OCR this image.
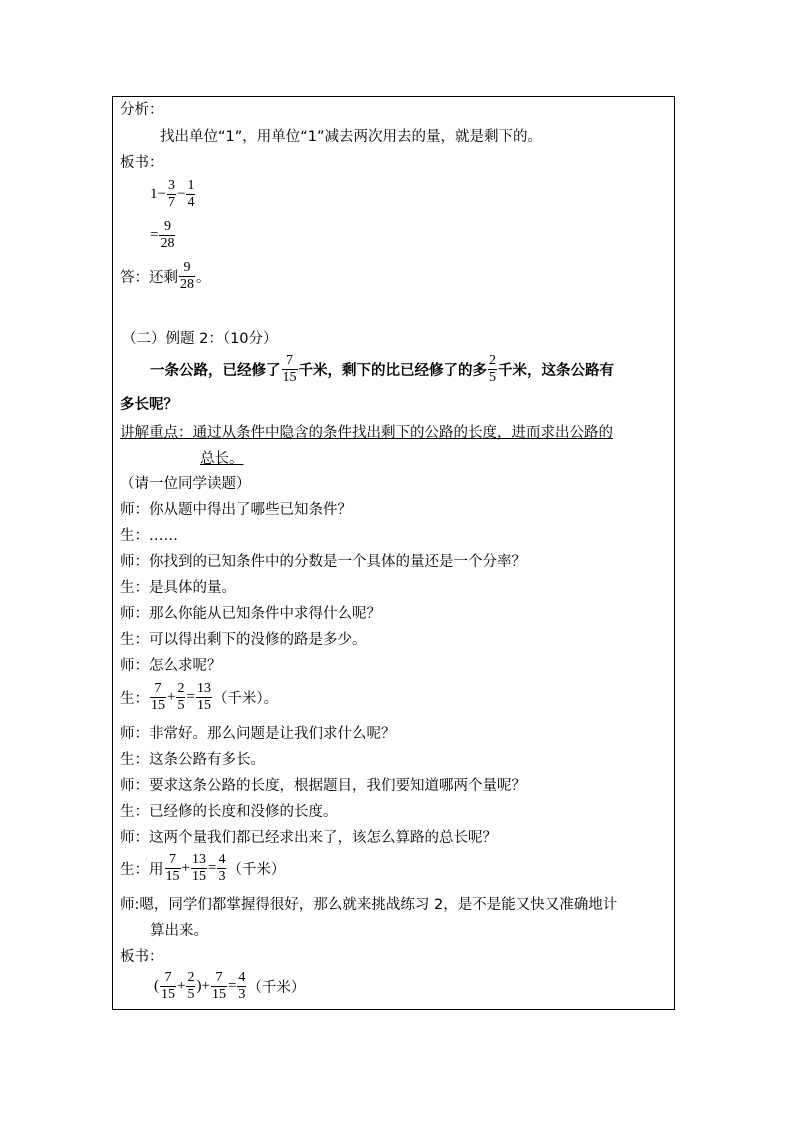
分析：
找出单位“1”，用单位“1”减去两次用去的量，就是剩下的。
板书：
$1- \frac{3}{7} - \frac{1}{4}$
= $\frac{9}{28}$
答：还剩 $\frac{9}{28}$ 。
（二）例题 2：（10分）
一条公路，已经修了 $\frac{7}{15}$ 千米，剩下的比已经修了的多 $\frac{2}{5}$ 千米，这条公路有
多长呢？
讲解重点：通过从条件中隐含的条件找出剩下的公路的长度，进而求出公路的
总长。
（请一位同学读题）
师：你从题中得出了哪些已知条件？
生：……
师：你找到的已知条件中的分数是一个具体的量还是一个分率？
生：是具体的量。
师：那么你能从已知条件中求得什么呢？
生：可以得出剩下的没修的路是多少。
师：怎么求呢？
生： $\frac{7}{15} + \frac{2}{5} = \frac{13}{15}$ （千米）。
师：非常好。那么问题是让我们求什么呢？
生：这条公路有多长。
师：要求这条公路的长度，根据题目，我们要知道哪两个量呢？
生：已经修的长度和没修的长度。
师：这两个量我们都已经求出来了，该怎么算路的总长呢？
生：用 $\frac{7}{15} + \frac{13}{15} = \frac{4}{3}$ （千米）
师:嗯，同学们都掌握得很好，那么就来挑战练习 2，是不是能又快又准确地计
算出来。
板书：
( $\frac{7}{15} + \frac{2}{5}$ )+ $\frac{7}{15} = \frac{4}{3}$ （千米）
